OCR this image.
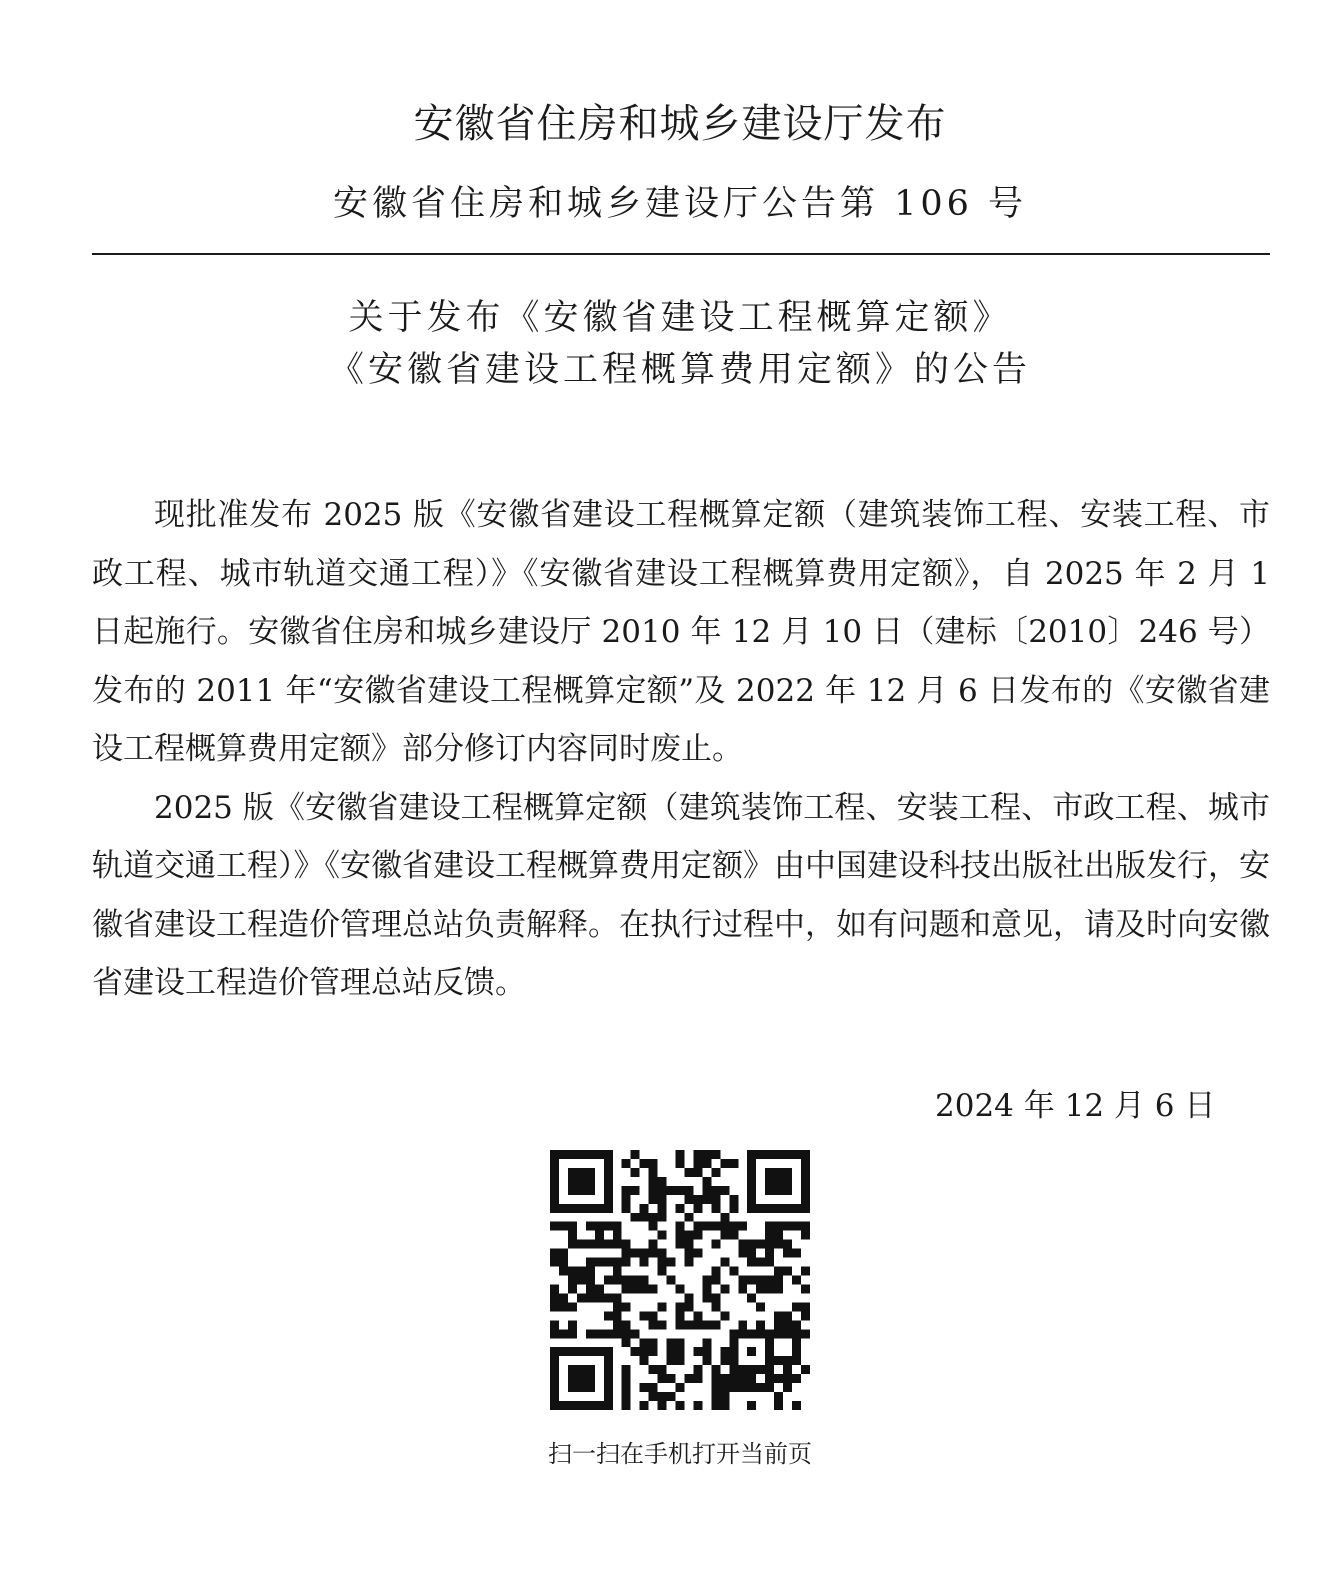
安徽省住房和城乡建设厅发布
安徽省住房和城乡建设厅公告第 106 号
关于发布《安徽省建设工程概算定额》
《安徽省建设工程概算费用定额》的公告

现批准发布 2025 版《安徽省建设工程概算定额（建筑装饰工程、安装工程、市政工程、城市轨道交通工程）》《安徽省建设工程概算费用定额》，自 2025 年 2 月 1 日起施行。安徽省住房和城乡建设厅 2010 年 12 月 10 日（建标〔2010〕246 号）发布的 2011 年“安徽省建设工程概算定额”及 2022 年 12 月 6 日发布的《安徽省建设工程概算费用定额》部分修订内容同时废止。

2025 版《安徽省建设工程概算定额（建筑装饰工程、安装工程、市政工程、城市轨道交通工程）》《安徽省建设工程概算费用定额》由中国建设科技出版社出版发行，安徽省建设工程造价管理总站负责解释。在执行过程中，如有问题和意见，请及时向安徽省建设工程造价管理总站反馈。

2024 年 12 月 6 日
扫一扫在手机打开当前页
